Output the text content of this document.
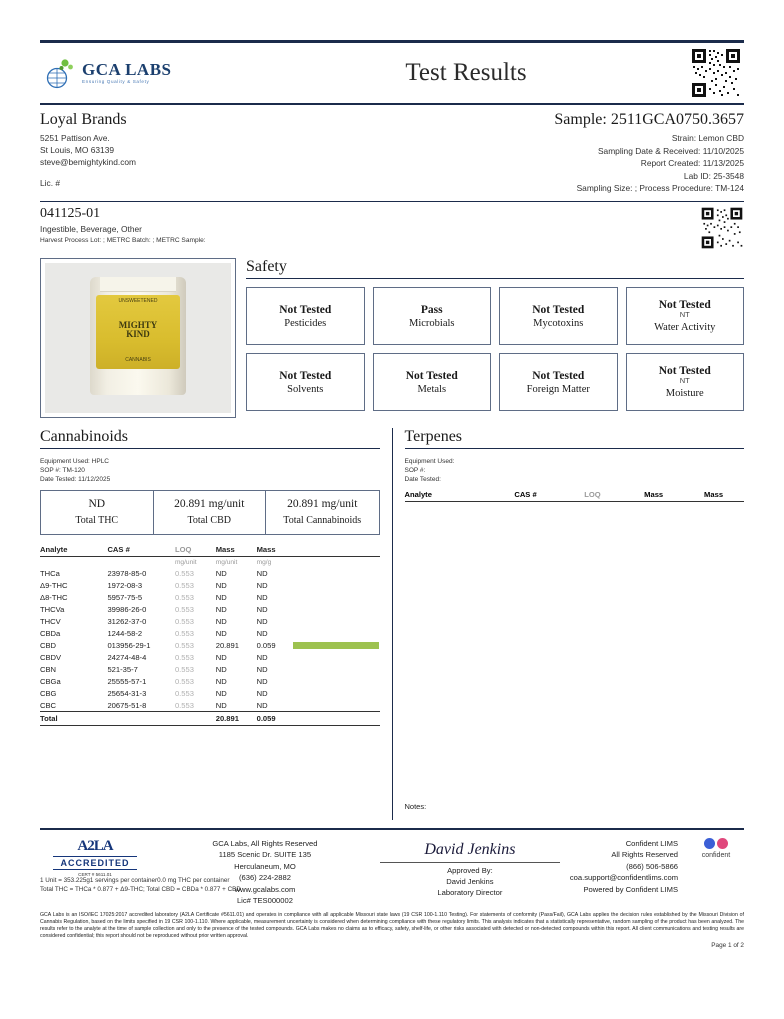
GCA LABS
Ensuring Quality & Safety	Test Results
Loyal Brands
5251 Pattison Ave.
St Louis, MO 63139
steve@bemightykind.com
Lic. #
Sample: 2511GCA0750.3657
Strain: Lemon CBD
Sampling Date & Received: 11/10/2025
Report Created: 11/13/2025
Lab ID: 25-3548
Sampling Size: ; Process Procedure: TM-124
041125-01
Ingestible, Beverage, Other
Harvest Process Lot: ; METRC Batch: ; METRC Sample:
UNSWEETENED
MIGHTY
KIND
CANNABIS
Safety
Not Tested
Pesticides
Pass
Microbials
Not Tested
Mycotoxins
Not Tested
NT
Water Activity
Not Tested
Solvents
Not Tested
Metals
Not Tested
Foreign Matter
Not Tested
NT
Moisture
Cannabinoids
Equipment Used: HPLC
SOP #: TM-120
Date Tested: 11/12/2025
ND
Total THC
20.891 mg/unit
Total CBD
20.891 mg/unit
Total Cannabinoids
Analyte	CAS #	LOQ	Mass	Mass	
		mg/unit	mg/unit	mg/g	
THCa	23978-85-0	0.553	ND	ND	
Δ9-THC	1972-08-3	0.553	ND	ND	
Δ8-THC	5957-75-5	0.553	ND	ND	
THCVa	39986-26-0	0.553	ND	ND	
THCV	31262-37-0	0.553	ND	ND	
CBDa	1244-58-2	0.553	ND	ND	
CBD	013956-29-1	0.553	20.891	0.059	
CBDV	24274-48-4	0.553	ND	ND	
CBN	521-35-7	0.553	ND	ND	
CBGa	25555-57-1	0.553	ND	ND	
CBG	25654-31-3	0.553	ND	ND	
CBC	20675-51-8	0.553	ND	ND	
Total			20.891	0.059	
1 Unit = 353.225g1 servings per container0.0 mg THC per container
Total THC = THCa * 0.877 + Δ9-THC; Total CBD = CBDa * 0.877 + CBD
Terpenes
Equipment Used:
SOP #:
Date Tested:
Analyte	CAS #	LOQ	Mass	Mass
Notes:
A2LA
ACCREDITED
CERT # 5611.01
GCA Labs, All Rights Reserved
1185 Scenic Dr. SUITE 135
Herculaneum, MO
(636) 224-2882
www.gcalabs.com
Lic# TES000002
David Jenkins
Approved By:
David Jenkins
Laboratory Director
Confident LIMS
All Rights Reserved
(866) 506-5866
coa.support@confidentlims.com
Powered by Confident LIMS
confident
GCA Labs is an ISO/IEC 17025:2017 accredited laboratory (A2LA Certificate #5611.01) and operates in compliance with all applicable Missouri state laws (19 CSR 100-1.110 Testing). For statements of conformity (Pass/Fail), GCA Labs applies the decision rules established by the Missouri Division of Cannabis Regulation, based on the limits specified in 19 CSR 100-1.110. Where applicable, measurement uncertainty is considered when determining compliance with these regulatory limits. This analysis indicates that a statistically representative, random sampling of the product has been analyzed. The results refer to the analyte at the time of sample collection and only to the presence of the tested compounds. GCA Labs makes no claims as to efficacy, safety, shelf-life, or other risks associated with detected or non-detected compounds within this report. All client communications and testing results are considered confidential; this report should not be reproduced without prior written approval.
Page 1 of 2
